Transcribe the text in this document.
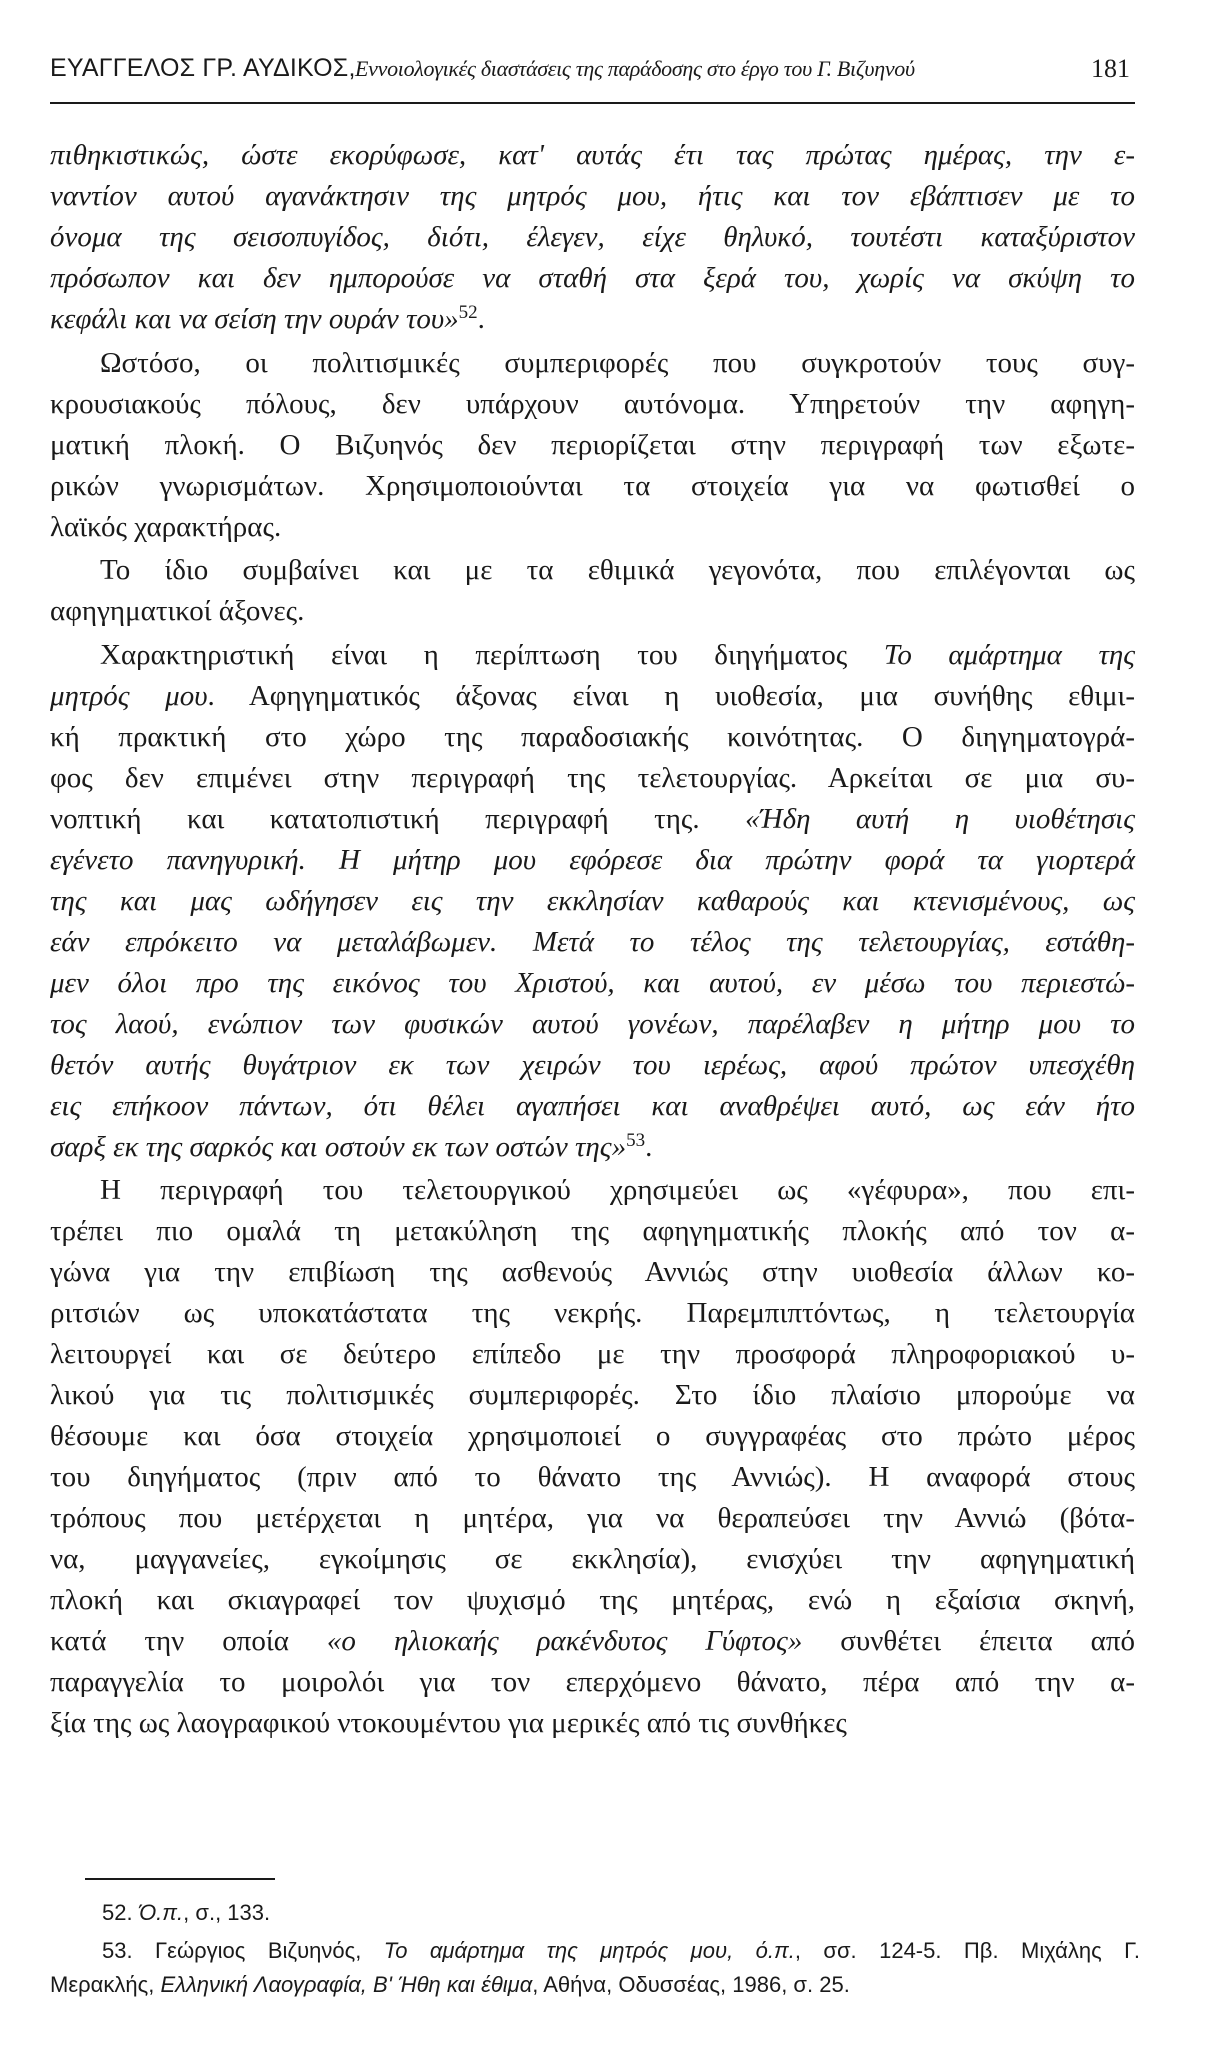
ΕΥΑΓΓΕΛΟΣ ΓΡ. ΑΥΔΙΚΟΣ, Εννοιολογικές διαστάσεις της παράδοσης στο έργο του Γ. Βιζυηνού	181
πιθηκιστικώς, ώστε εκορύφωσε, κατ' αυτάς έτι τας πρώτας ημέρας, την ε-
ναντίον αυτού αγανάκτησιν της μητρός μου, ήτις και τον εβάπτισεν με το
όνομα της σεισοπυγίδος, διότι, έλεγεν, είχε θηλυκό, τουτέστι καταξύριστον
πρόσωπον και δεν ημπορούσε να σταθή στα ξερά του, χωρίς να σκύψη το
κεφάλι και να σείση την ουράν του»$^{52}$.
Ωστόσο, οι πολιτισμικές συμπεριφορές που συγκροτούν τους συγ-
κρουσιακούς πόλους, δεν υπάρχουν αυτόνομα. Υπηρετούν την αφηγη-
ματική πλοκή. Ο Βιζυηνός δεν περιορίζεται στην περιγραφή των εξωτε-
ρικών γνωρισμάτων. Χρησιμοποιούνται τα στοιχεία για να φωτισθεί ο
λαϊκός χαρακτήρας.
Το ίδιο συμβαίνει και με τα εθιμικά γεγονότα, που επιλέγονται ως
αφηγηματικοί άξονες.
Χαρακτηριστική είναι η περίπτωση του διηγήματος Το αμάρτημα της
μητρός μου. Αφηγηματικός άξονας είναι η υιοθεσία, μια συνήθης εθιμι-
κή πρακτική στο χώρο της παραδοσιακής κοινότητας. Ο διηγηματογρά-
φος δεν επιμένει στην περιγραφή της τελετουργίας. Αρκείται σε μια συ-
νοπτική και κατατοπιστική περιγραφή της. «Ήδη αυτή η υιοθέτησις
εγένετο πανηγυρική. Η μήτηρ μου εφόρεσε δια πρώτην φορά τα γιορτερά
της και μας ωδήγησεν εις την εκκλησίαν καθαρούς και κτενισμένους, ως
εάν επρόκειτο να μεταλάβωμεν. Μετά το τέλος της τελετουργίας, εστάθη-
μεν όλοι προ της εικόνος του Χριστού, και αυτού, εν μέσω του περιεστώ-
τος λαού, ενώπιον των φυσικών αυτού γονέων, παρέλαβεν η μήτηρ μου το
θετόν αυτής θυγάτριον εκ των χειρών του ιερέως, αφού πρώτον υπεσχέθη
εις επήκοον πάντων, ότι θέλει αγαπήσει και αναθρέψει αυτό, ως εάν ήτο
σαρξ εκ της σαρκός και οστούν εκ των οστών της»$^{53}$.
Η περιγραφή του τελετουργικού χρησιμεύει ως «γέφυρα», που επι-
τρέπει πιο ομαλά τη μετακύληση της αφηγηματικής πλοκής από τον α-
γώνα για την επιβίωση της ασθενούς Αννιώς στην υιοθεσία άλλων κο-
ριτσιών ως υποκατάστατα της νεκρής. Παρεμπιπτόντως, η τελετουργία
λειτουργεί και σε δεύτερο επίπεδο με την προσφορά πληροφοριακού υ-
λικού για τις πολιτισμικές συμπεριφορές. Στο ίδιο πλαίσιο μπορούμε να
θέσουμε και όσα στοιχεία χρησιμοποιεί ο συγγραφέας στο πρώτο μέρος
του διηγήματος (πριν από το θάνατο της Αννιώς). Η αναφορά στους
τρόπους που μετέρχεται η μητέρα, για να θεραπεύσει την Αννιώ (βότα-
να, μαγγανείες, εγκοίμησις σε εκκλησία), ενισχύει την αφηγηματική
πλοκή και σκιαγραφεί τον ψυχισμό της μητέρας, ενώ η εξαίσια σκηνή,
κατά την οποία «ο ηλιοκαής ρακένδυτος Γύφτος» συνθέτει έπειτα από
παραγγελία το μοιρολόι για τον επερχόμενο θάνατο, πέρα από την α-
ξία της ως λαογραφικού ντοκουμέντου για μερικές από τις συνθήκες
52. Ό.π., σ., 133.
53. Γεώργιος Βιζυηνός, Το αμάρτημα της μητρός μου, ό.π., σσ. 124-5. Πβ. Μιχάλης Γ.
Μερακλής, Ελληνική Λαογραφία, Β' Ήθη και έθιμα, Αθήνα, Οδυσσέας, 1986, σ. 25.
